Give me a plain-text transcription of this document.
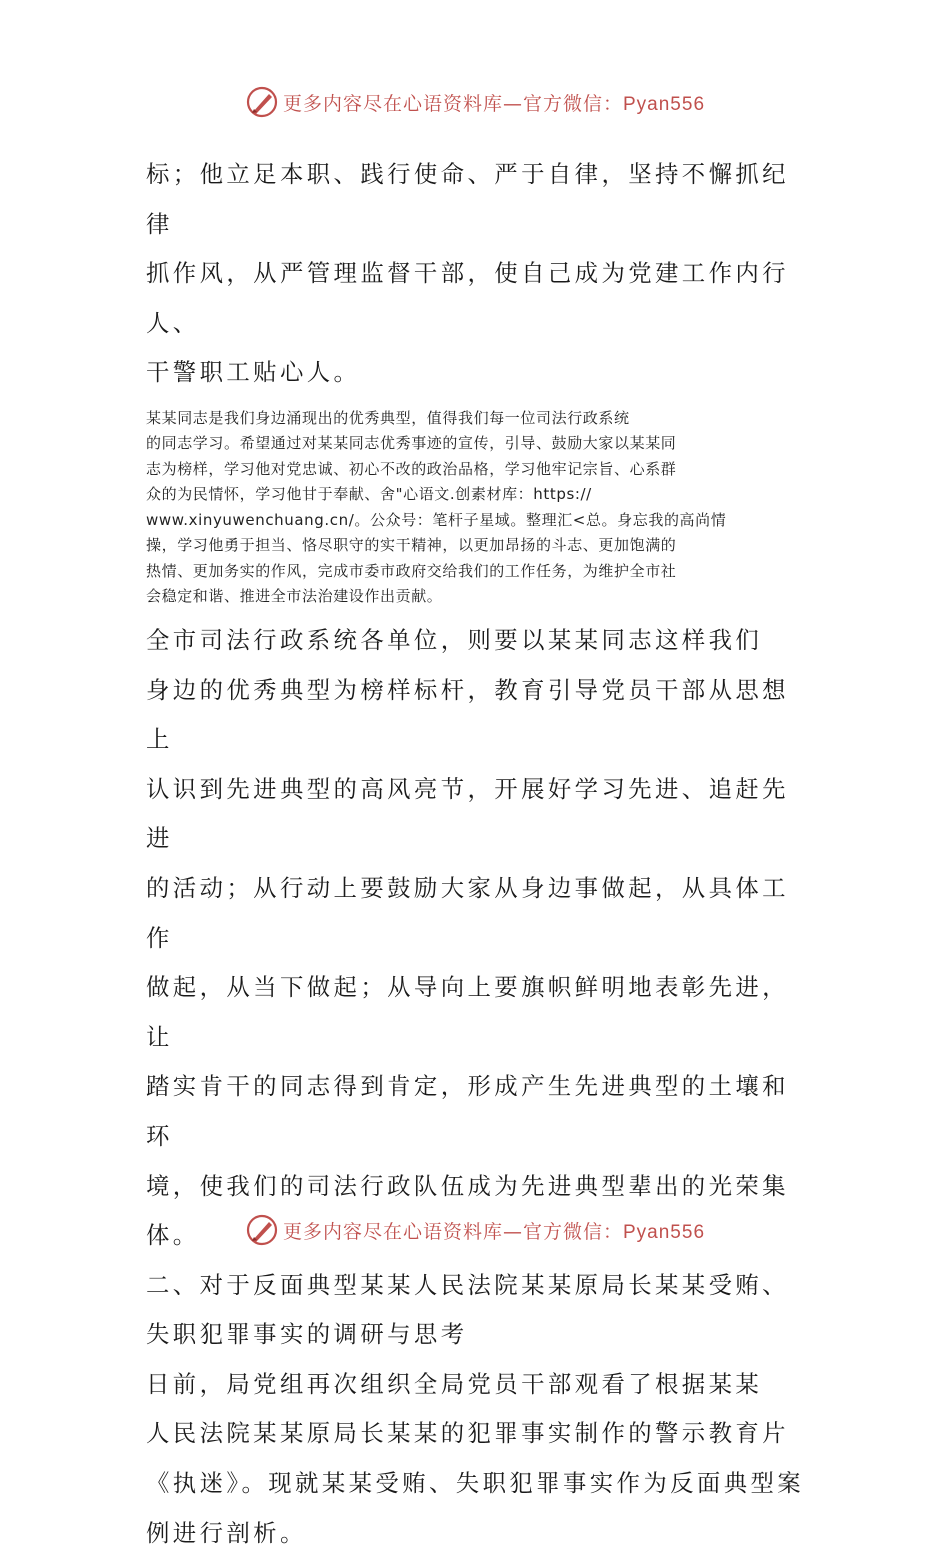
更多内容尽在心语资料库—官方微信：Pyan556

标；他立足本职、践行使命、严于自律，坚持不懈抓纪律
抓作风，从严管理监督干部，使自己成为党建工作内行人、
干警职工贴心人。

某某同志是我们身边涌现出的优秀典型，值得我们每一位司法行政系统
的同志学习。希望通过对某某同志优秀事迹的宣传，引导、鼓励大家以某某同
志为榜样，学习他对党忠诚、初心不改的政治品格，学习他牢记宗旨、心系群
众的为民情怀，学习他甘于奉献、舍"心语文.创素材库：https://
www.xinyuwenchuang.cn/。公众号：笔杆子星域。整理汇<总。身忘我的高尚情
操，学习他勇于担当、恪尽职守的实干精神，以更加昂扬的斗志、更加饱满的
热情、更加务实的作风，完成市委市政府交给我们的工作任务，为维护全市社
会稳定和谐、推进全市法治建设作出贡献。

全市司法行政系统各单位，则要以某某同志这样我们
身边的优秀典型为榜样标杆，教育引导党员干部从思想上
认识到先进典型的高风亮节，开展好学习先进、追赶先进
的活动；从行动上要鼓励大家从身边事做起，从具体工作
做起，从当下做起；从导向上要旗帜鲜明地表彰先进，让
踏实肯干的同志得到肯定，形成产生先进典型的土壤和环
境，使我们的司法行政队伍成为先进典型辈出的光荣集体。

二、对于反面典型某某人民法院某某原局长某某受贿、
失职犯罪事实的调研与思考

日前，局党组再次组织全局党员干部观看了根据某某
人民法院某某原局长某某的犯罪事实制作的警示教育片
《执迷》。现就某某受贿、失职犯罪事实作为反面典型案
例进行剖析。

更多内容尽在心语资料库—官方微信：Pyan556
